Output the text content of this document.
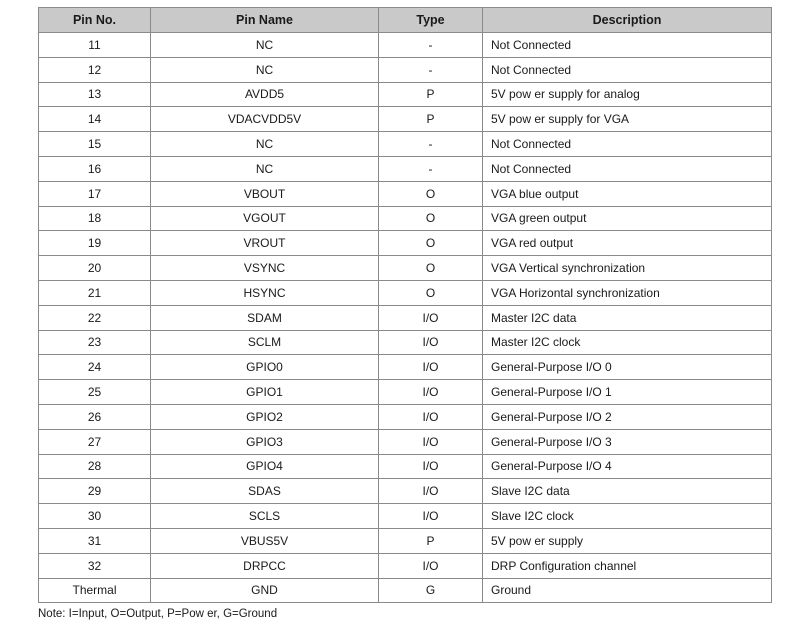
Pin No.	Pin Name	Type	Description
11	NC	-	Not Connected
12	NC	-	Not Connected
13	AVDD5	P	5V pow er supply for analog
14	VDACVDD5V	P	5V pow er supply for VGA
15	NC	-	Not Connected
16	NC	-	Not Connected
17	VBOUT	O	VGA blue output
18	VGOUT	O	VGA green output
19	VROUT	O	VGA red output
20	VSYNC	O	VGA Vertical synchronization
21	HSYNC	O	VGA Horizontal synchronization
22	SDAM	I/O	Master I2C data
23	SCLM	I/O	Master I2C clock
24	GPIO0	I/O	General-Purpose I/O 0
25	GPIO1	I/O	General-Purpose I/O 1
26	GPIO2	I/O	General-Purpose I/O 2
27	GPIO3	I/O	General-Purpose I/O 3
28	GPIO4	I/O	General-Purpose I/O 4
29	SDAS	I/O	Slave I2C data
30	SCLS	I/O	Slave I2C clock
31	VBUS5V	P	5V pow er supply
32	DRPCC	I/O	DRP Configuration channel
Thermal	GND	G	Ground
Note: I=Input, O=Output, P=Pow er, G=Ground
